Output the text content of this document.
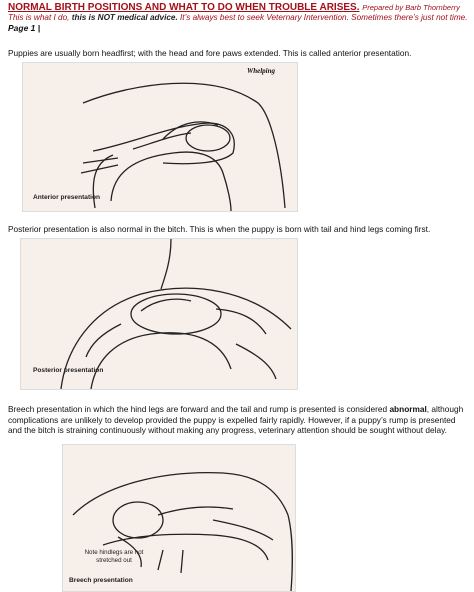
NORMAL BIRTH POSITIONS AND WHAT TO DO WHEN TROUBLE ARISES. Prepared by Barb Thornberry
This is what I do, this is NOT medical advice. It’s always best to seek Veternary Intervention. Sometimes there’s just not time.
Page 1 |
Puppies are usually born headfirst; with the head and fore paws extended. This is called anterior presentation.
Whelping
Anterior presentation
Posterior presentation is also normal in the bitch. This is when the puppy is born with tail and hind legs coming first.
Posterior presentation
Breech presentation in which the hind legs are forward and the tail and rump is presented is considered abnormal, although complications are unlikely to develop provided the puppy is expelled fairly rapidly. However, if a puppy’s rump is presented and the bitch is straining continuously without making any progress, veterinary attention should be sought without delay.
Note hindlegs are not stretched out
Breech presentation
